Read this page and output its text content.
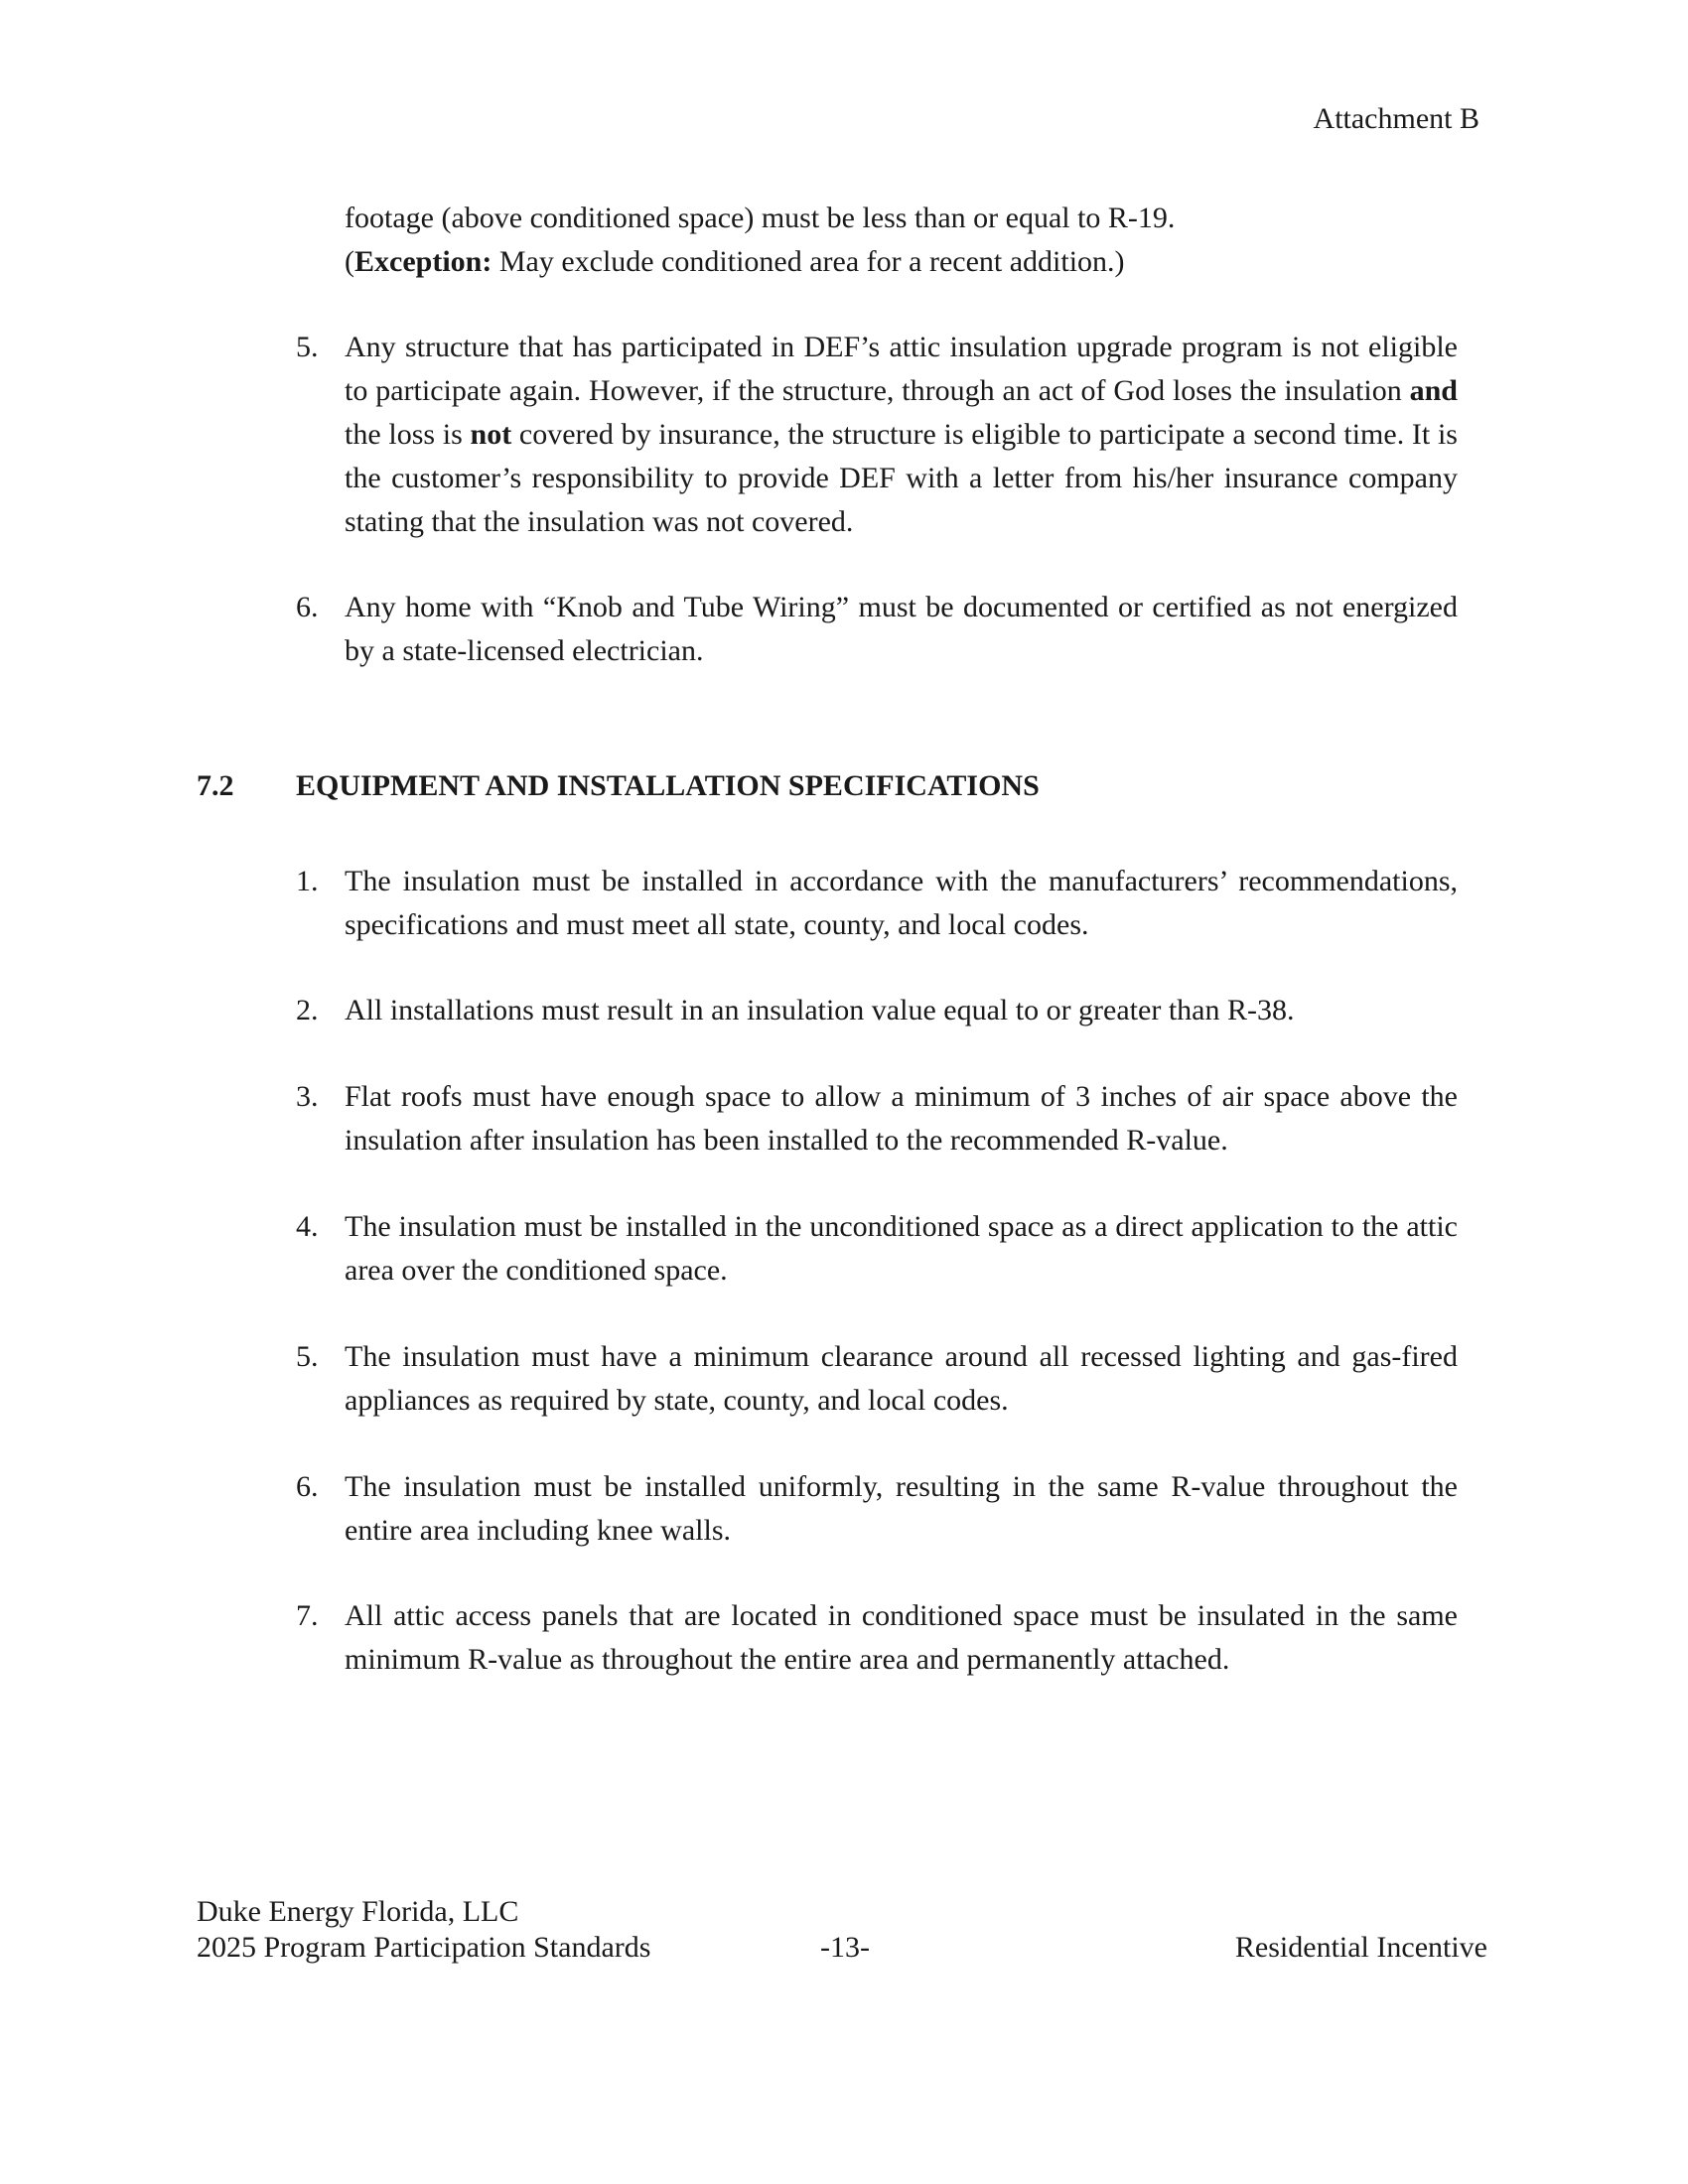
Attachment B
footage (above conditioned space) must be less than or equal to R-19.
(Exception: May exclude conditioned area for a recent addition.)
5. Any structure that has participated in DEF’s attic insulation upgrade program is not eligible to participate again. However, if the structure, through an act of God loses the insulation and the loss is not covered by insurance, the structure is eligible to participate a second time. It is the customer’s responsibility to provide DEF with a letter from his/her insurance company stating that the insulation was not covered.
6. Any home with “Knob and Tube Wiring” must be documented or certified as not energized by a state-licensed electrician.
7.2 EQUIPMENT AND INSTALLATION SPECIFICATIONS
1. The insulation must be installed in accordance with the manufacturers’ recommendations, specifications and must meet all state, county, and local codes.
2. All installations must result in an insulation value equal to or greater than R-38.
3. Flat roofs must have enough space to allow a minimum of 3 inches of air space above the insulation after insulation has been installed to the recommended R-value.
4. The insulation must be installed in the unconditioned space as a direct application to the attic area over the conditioned space.
5. The insulation must have a minimum clearance around all recessed lighting and gas-fired appliances as required by state, county, and local codes.
6. The insulation must be installed uniformly, resulting in the same R-value throughout the entire area including knee walls.
7. All attic access panels that are located in conditioned space must be insulated in the same minimum R-value as throughout the entire area and permanently attached.
Duke Energy Florida, LLC
2025 Program Participation Standards	-13-	Residential Incentive
